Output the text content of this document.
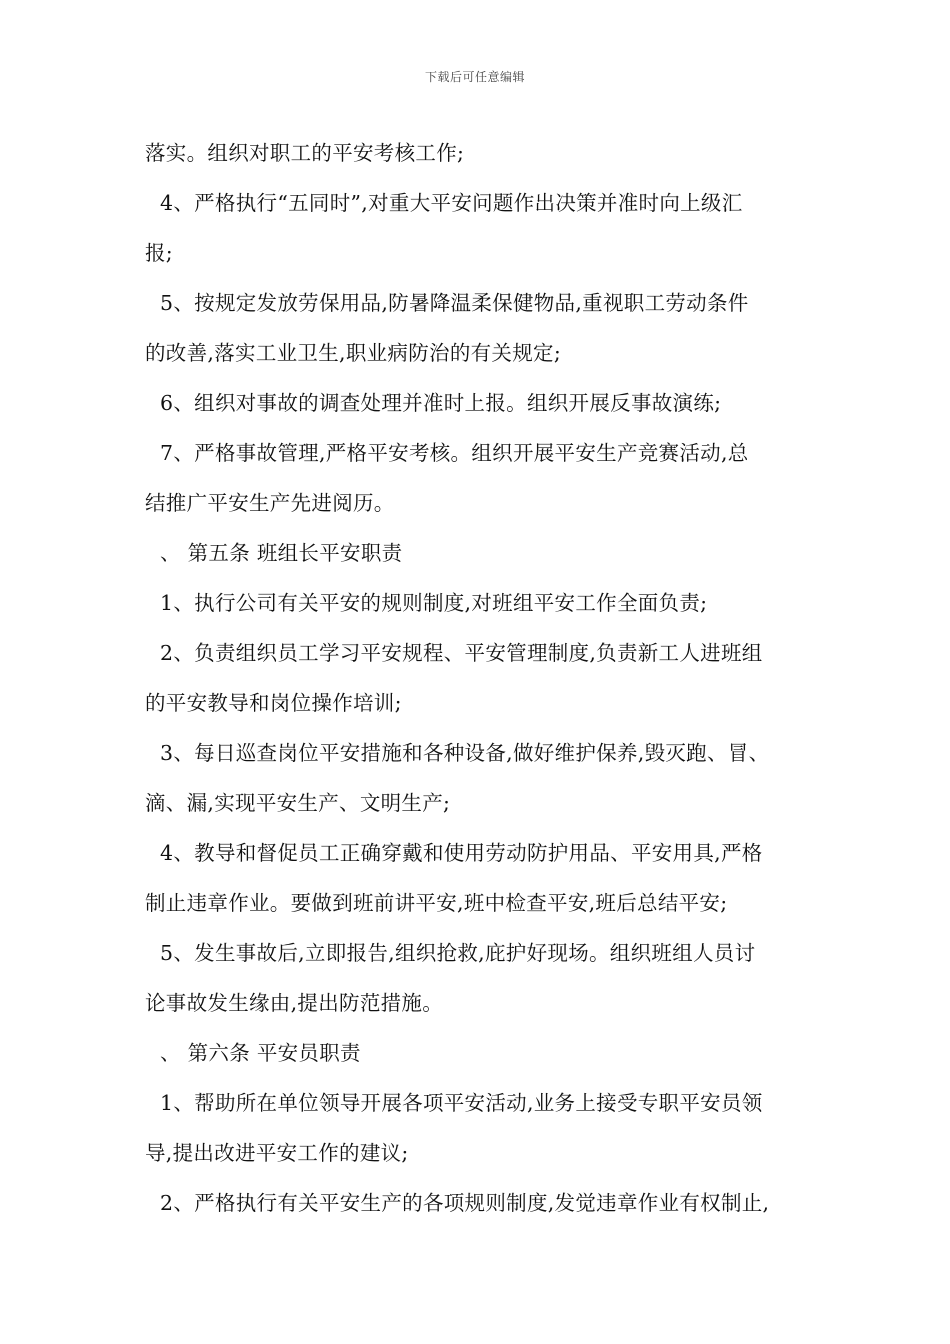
下载后可任意编辑
落实。组织对职工的平安考核工作;
4、严格执行“五同时”,对重大平安问题作出决策并准时向上级汇
报;
5、按规定发放劳保用品,防暑降温柔保健物品,重视职工劳动条件
的改善,落实工业卫生,职业病防治的有关规定;
6、组织对事故的调查处理并准时上报。组织开展反事故演练;
7、严格事故管理,严格平安考核。组织开展平安生产竞赛活动,总
结推广平安生产先进阅历。
、 第五条 班组长平安职责
1、执行公司有关平安的规则制度,对班组平安工作全面负责;
2、负责组织员工学习平安规程、平安管理制度,负责新工人进班组
的平安教导和岗位操作培训;
3、每日巡查岗位平安措施和各种设备,做好维护保养,毁灭跑、冒、
滴、漏,实现平安生产、文明生产;
4、教导和督促员工正确穿戴和使用劳动防护用品、平安用具,严格
制止违章作业。要做到班前讲平安,班中检查平安,班后总结平安;
5、发生事故后,立即报告,组织抢救,庇护好现场。组织班组人员讨
论事故发生缘由,提出防范措施。
、 第六条 平安员职责
1、帮助所在单位领导开展各项平安活动,业务上接受专职平安员领
导,提出改进平安工作的建议;
2、严格执行有关平安生产的各项规则制度,发觉违章作业有权制止,
